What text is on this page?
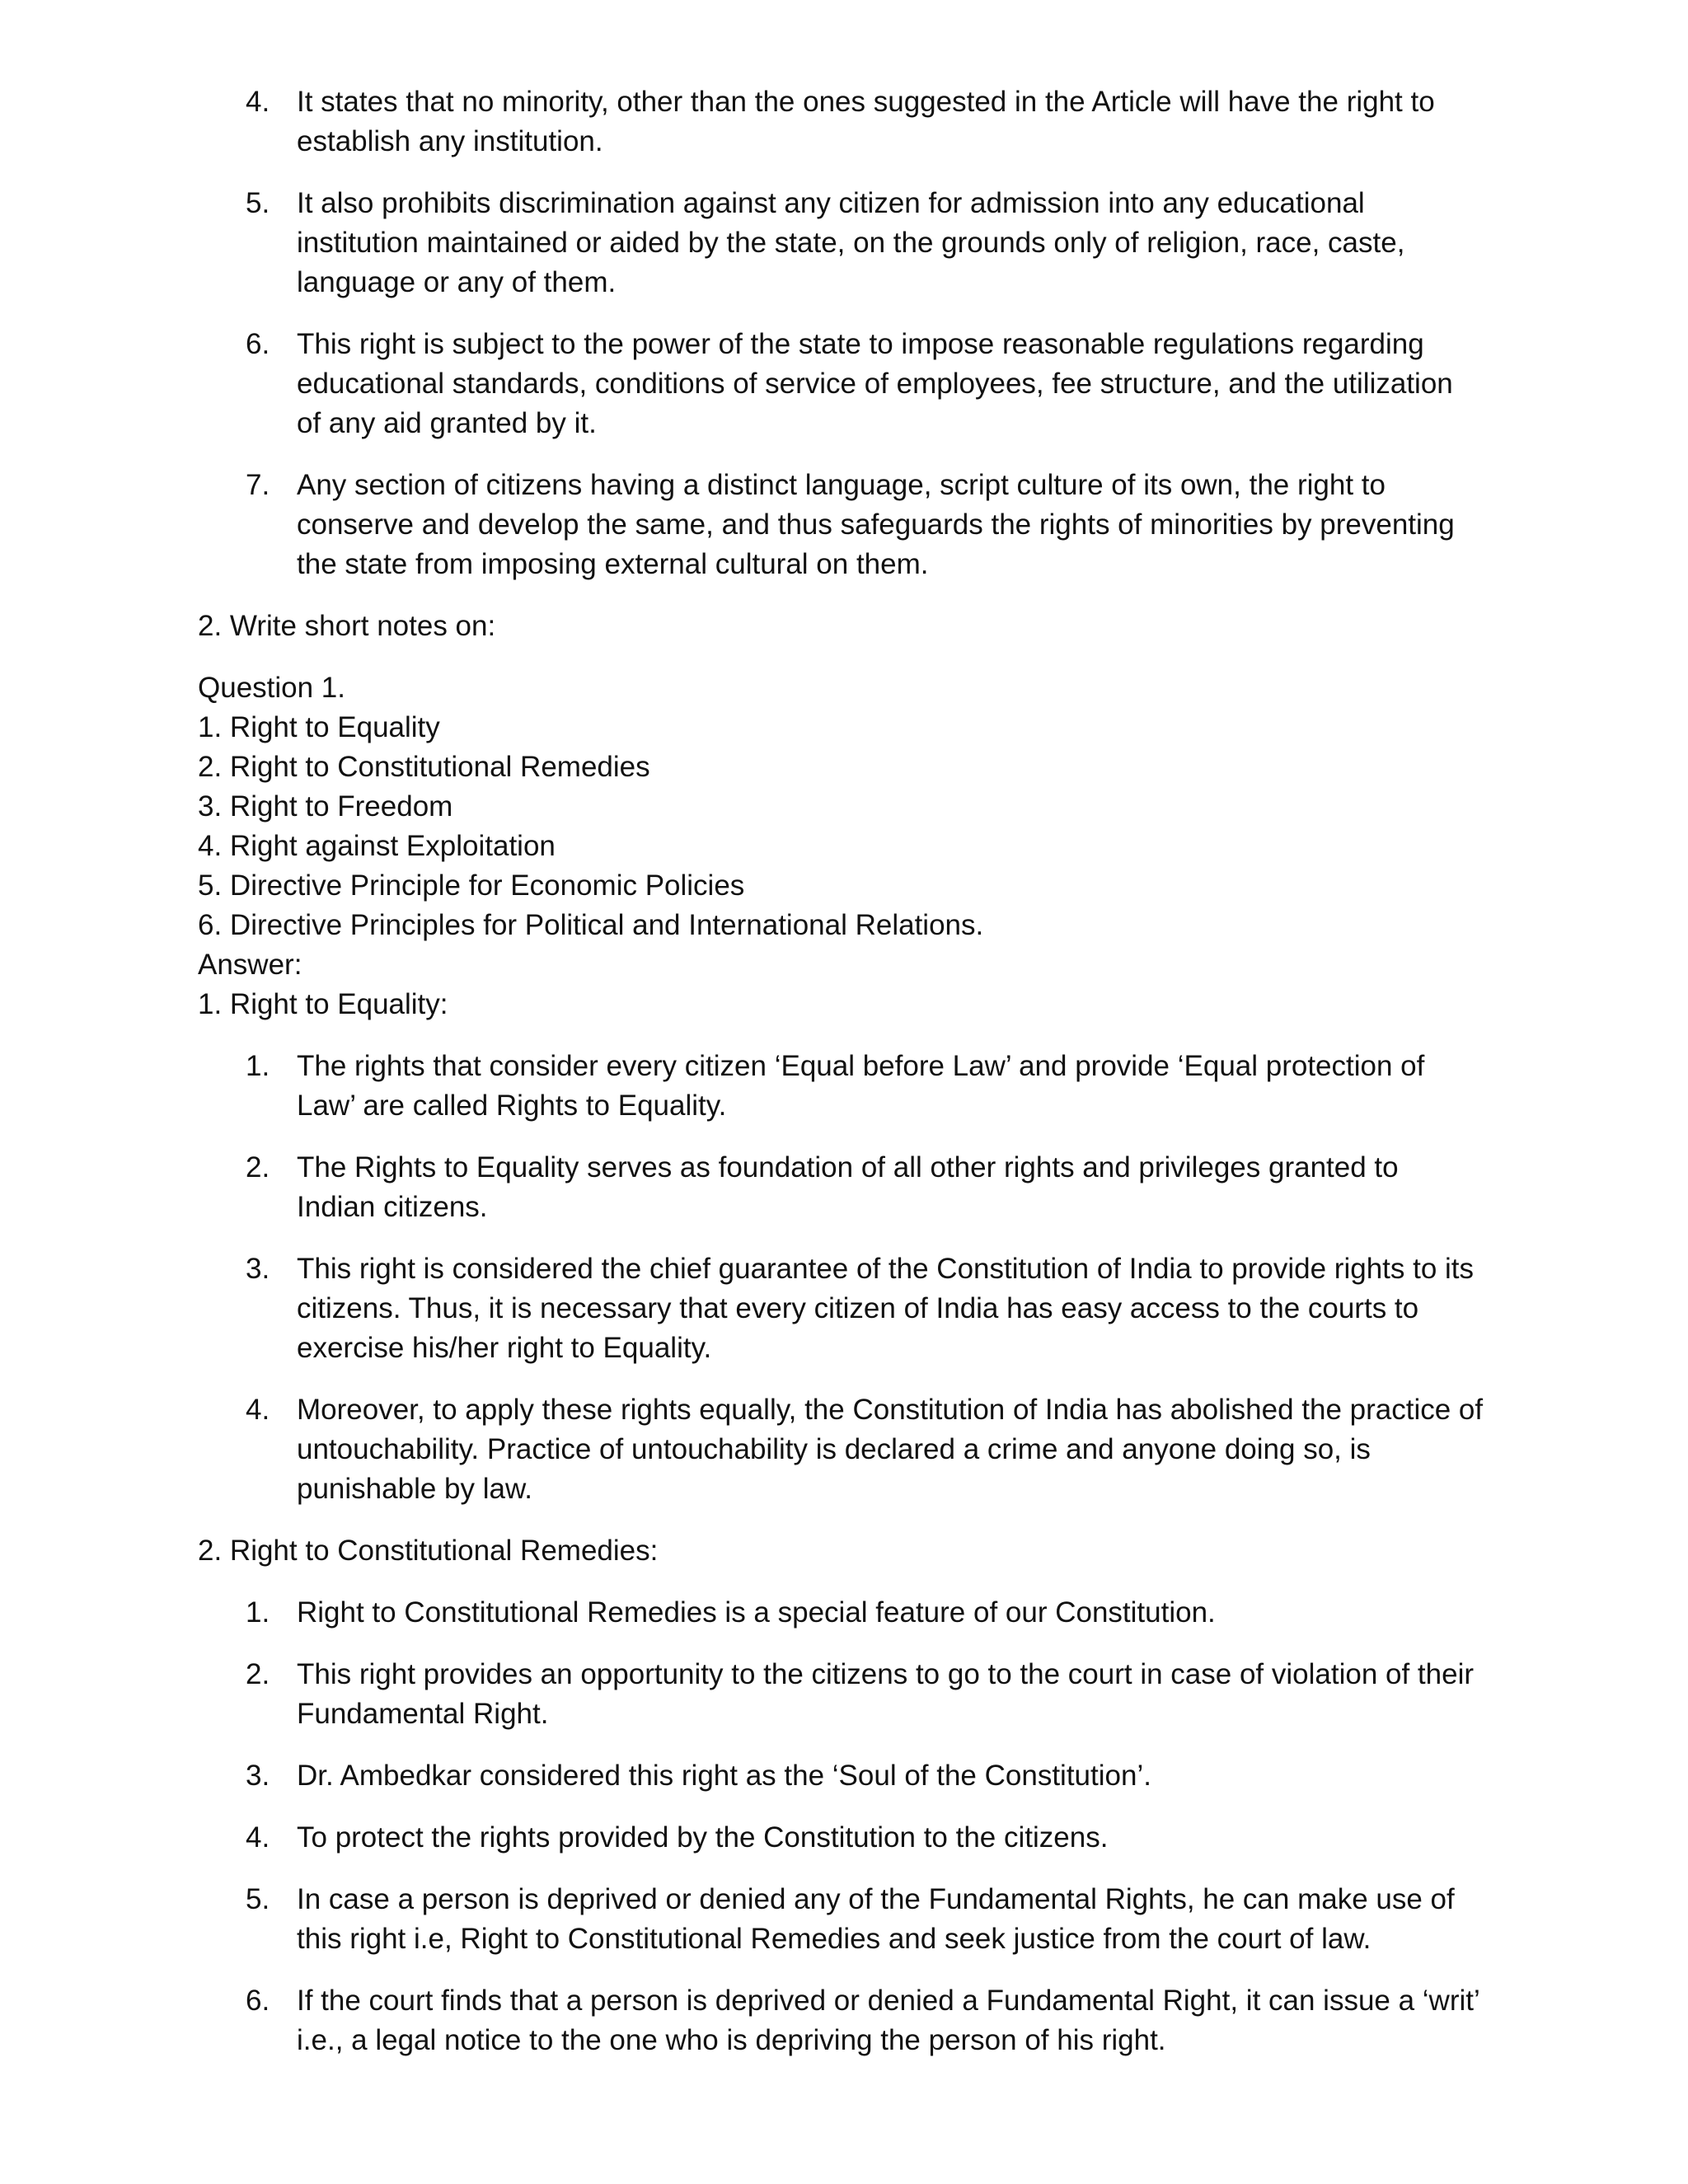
4. It states that no minority, other than the ones suggested in the Article will have the right to establish any institution.
5. It also prohibits discrimination against any citizen for admission into any educational institution maintained or aided by the state, on the grounds only of religion, race, caste, language or any of them.
6. This right is subject to the power of the state to impose reasonable regulations regarding educational standards, conditions of service of employees, fee structure, and the utilization of any aid granted by it.
7. Any section of citizens having a distinct language, script culture of its own, the right to conserve and develop the same, and thus safeguards the rights of minorities by preventing the state from imposing external cultural on them.

2. Write short notes on:

Question 1.

1. Right to Equality

2. Right to Constitutional Remedies

3. Right to Freedom

4. Right against Exploitation

5. Directive Principle for Economic Policies

6. Directive Principles for Political and International Relations.

Answer:

1. Right to Equality:

1. The rights that consider every citizen ‘Equal before Law’ and provide ‘Equal protection of Law’ are called Rights to Equality.
2. The Rights to Equality serves as foundation of all other rights and privileges granted to Indian citizens.
3. This right is considered the chief guarantee of the Constitution of India to provide rights to its citizens. Thus, it is necessary that every citizen of India has easy access to the courts to exercise his/her right to Equality.
4. Moreover, to apply these rights equally, the Constitution of India has abolished the practice of untouchability. Practice of untouchability is declared a crime and anyone doing so, is punishable by law.

2. Right to Constitutional Remedies:

1. Right to Constitutional Remedies is a special feature of our Constitution.
2. This right provides an opportunity to the citizens to go to the court in case of violation of their Fundamental Right.
3. Dr. Ambedkar considered this right as the ‘Soul of the Constitution’.
4. To protect the rights provided by the Constitution to the citizens.
5. In case a person is deprived or denied any of the Fundamental Rights, he can make use of this right i.e, Right to Constitutional Remedies and seek justice from the court of law.
6. If the court finds that a person is deprived or denied a Fundamental Right, it can issue a ‘writ’ i.e., a legal notice to the one who is depriving the person of his right.
